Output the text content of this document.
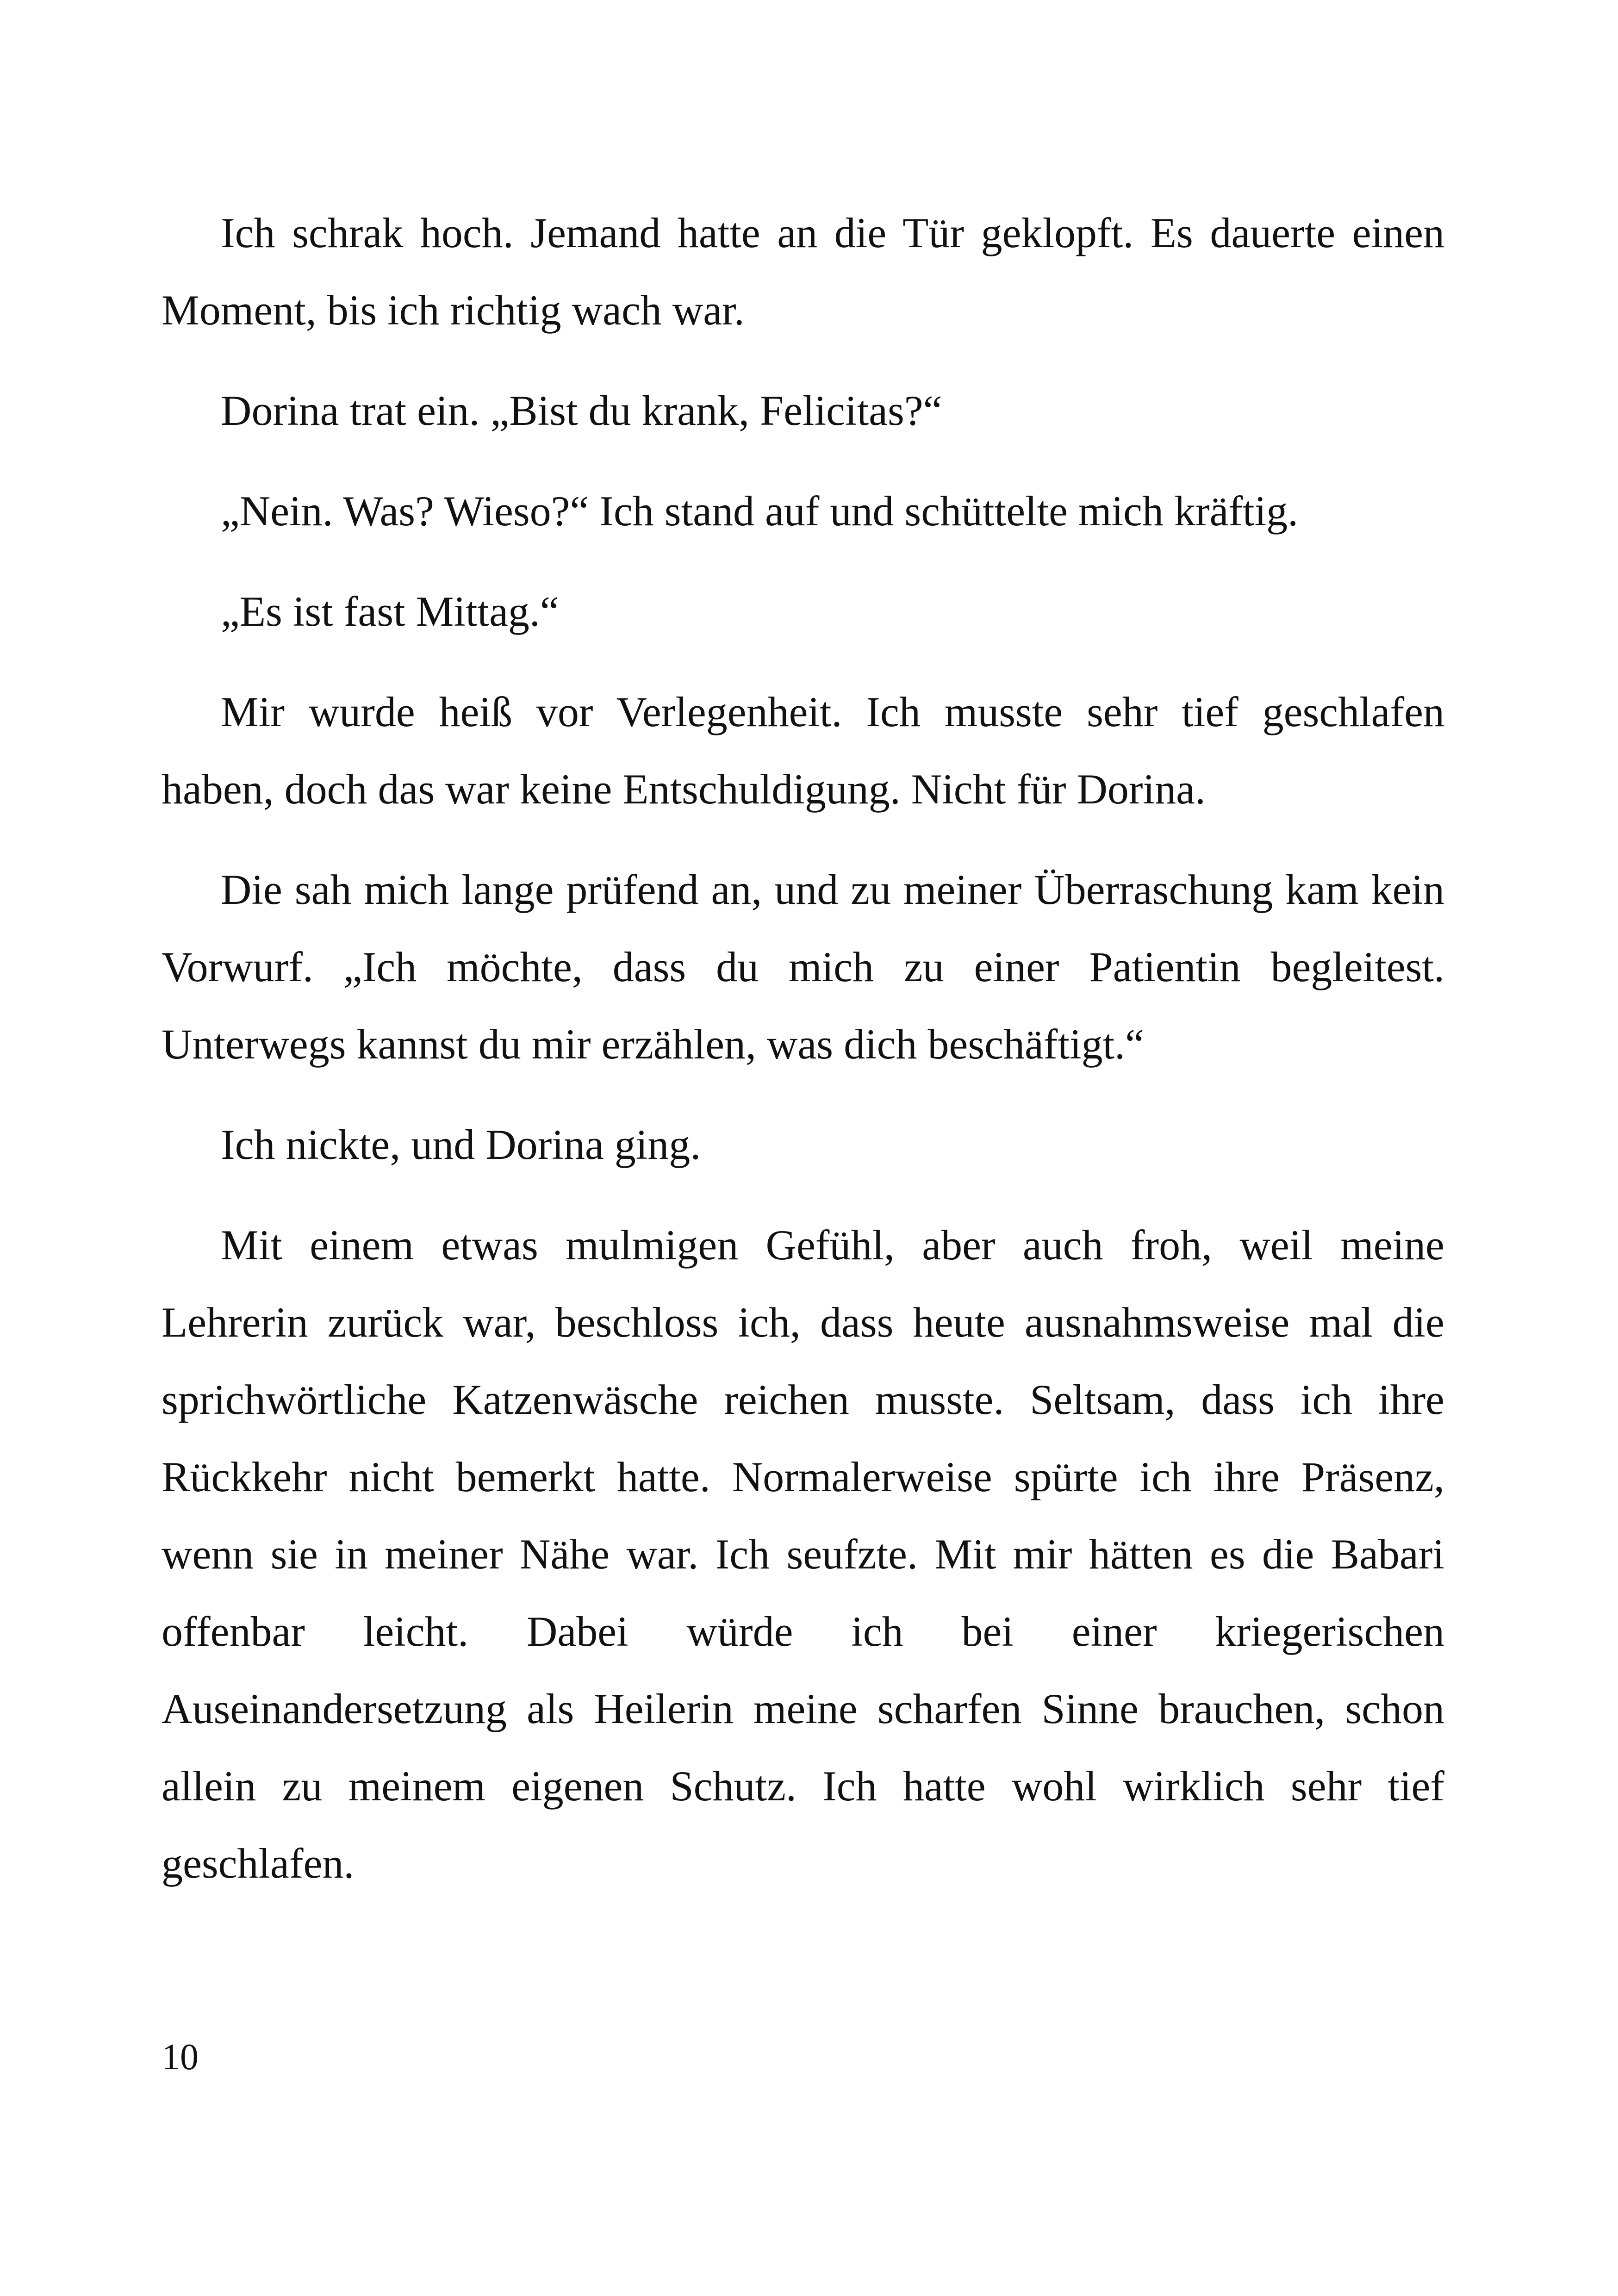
Ich schrak hoch. Jemand hatte an die Tür geklopft. Es dauerte einen Moment, bis ich richtig wach war.

Dorina trat ein. „Bist du krank, Felicitas?“

„Nein. Was? Wieso?“ Ich stand auf und schüttelte mich kräftig.

„Es ist fast Mittag.“

Mir wurde heiß vor Verlegenheit. Ich musste sehr tief geschlafen haben, doch das war keine Entschuldigung. Nicht für Dorina.

Die sah mich lange prüfend an, und zu meiner Überraschung kam kein Vorwurf. „Ich möchte, dass du mich zu einer Patientin begleitest. Unterwegs kannst du mir erzählen, was dich beschäftigt.“

Ich nickte, und Dorina ging.

Mit einem etwas mulmigen Gefühl, aber auch froh, weil meine Lehrerin zurück war, beschloss ich, dass heute ausnahmsweise mal die sprichwörtliche Katzenwäsche reichen musste. Seltsam, dass ich ihre Rückkehr nicht bemerkt hatte. Normalerweise spürte ich ihre Präsenz, wenn sie in meiner Nähe war. Ich seufzte. Mit mir hätten es die Babari offenbar leicht. Dabei würde ich bei einer kriegerischen Auseinandersetzung als Heilerin meine scharfen Sinne brauchen, schon allein zu meinem eigenen Schutz. Ich hatte wohl wirklich sehr tief geschlafen.

10
